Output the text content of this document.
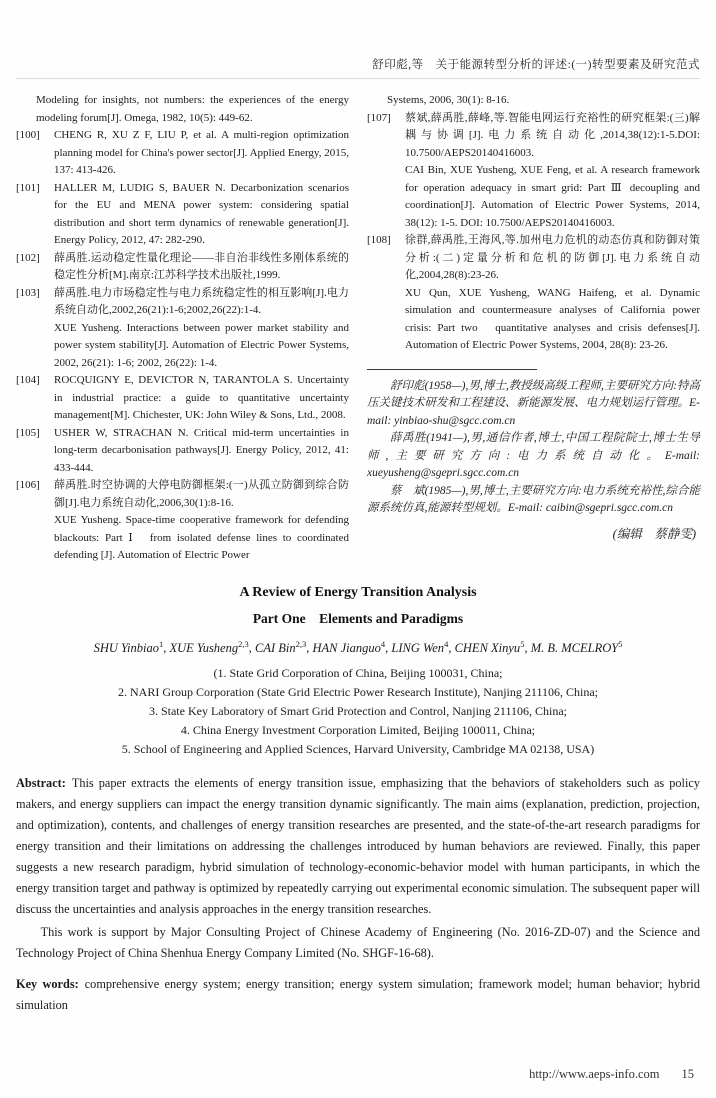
舒印彪,等　关于能源转型分析的评述:(一)转型要素及研究范式

Modeling for insights, not numbers: the experiences of the energy modeling forum[J]. Omega, 1982, 10(5): 449-62.

[100]	CHENG R, XU Z F, LIU P, et al. A multi-region optimization planning model for China's power sector[J]. Applied Energy, 2015, 137: 413-426.

[101]	HALLER M, LUDIG S, BAUER N. Decarbonization scenarios for the EU and MENA power system: considering spatial distribution and short term dynamics of renewable generation[J]. Energy Policy, 2012, 47: 282-290.

[102]	薛禹胜.运动稳定性量化理论——非自治非线性多刚体系统的稳定性分析[M].南京:江苏科学技术出版社,1999.

[103]	薛禹胜.电力市场稳定性与电力系统稳定性的相互影响[J].电力系统自动化,2002,26(21):1-6;2002,26(22):1-4.

XUE Yusheng. Interactions between power market stability and power system stability[J]. Automation of Electric Power Systems, 2002, 26(21): 1-6; 2002, 26(22): 1-4.

[104]	ROCQUIGNY E, DEVICTOR N, TARANTOLA S. Uncertainty in industrial practice: a guide to quantitative uncertainty management[M]. Chichester, UK: John Wiley & Sons, Ltd., 2008.

[105]	USHER W, STRACHAN N. Critical mid-term uncertainties in long-term decarbonisation pathways[J]. Energy Policy, 2012, 41: 433-444.

[106]	薛禹胜.时空协调的大停电防御框架:(一)从孤立防御到综合防御[J].电力系统自动化,2006,30(1):8-16.

XUE Yusheng. Space-time cooperative framework for defending blackouts: Part Ⅰ　from isolated defense lines to coordinated defending [J]. Automation of Electric Power

Systems, 2006, 30(1): 8-16.

[107]	蔡斌,薛禹胜,薛峰,等.智能电网运行充裕性的研究框架:(三)解耦与协调[J].电力系统自动化,2014,38(12):1-5.DOI: 10.7500/AEPS20140416003.

CAI Bin, XUE Yusheng, XUE Feng, et al. A research framework for operation adequacy in smart grid: Part Ⅲ decoupling and coordination[J]. Automation of Electric Power Systems, 2014, 38(12): 1-5. DOI: 10.7500/AEPS20140416003.

[108]	徐群,薛禹胜,王海风,等.加州电力危机的动态仿真和防御对策分析:(二)定量分析和危机的防御[J].电力系统自动化,2004,28(8):23-26.

XU Qun, XUE Yusheng, WANG Haifeng, et al. Dynamic simulation and countermeasure analyses of California power crisis: Part two　quantitative analyses and crisis defenses[J]. Automation of Electric Power Systems, 2004, 28(8): 23-26.

舒印彪(1958—),男,博士,教授级高级工程师,主要研究方向:特高压关键技术研发和工程建设、新能源发展、电力规划运行管理。E-mail: yinbiao-shu@sgcc.com.cn

薛禹胜(1941—),男,通信作者,博士,中国工程院院士,博士生导师,主要研究方向:电力系统自动化。E-mail: xueyusheng@sgepri.sgcc.com.cn

蔡　斌(1985—),男,博士,主要研究方向:电力系统充裕性,综合能源系统仿真,能源转型规划。E-mail: caibin@sgepri.sgcc.com.cn

(编辑　蔡静雯)
A Review of Energy Transition Analysis
Part One　Elements and Paradigms
SHU Yinbiao$^1$, XUE Yusheng$^{2,3}$, CAI Bin$^{2,3}$, HAN Jianguo$^4$, LING Wen$^4$, CHEN Xinyu$^5$, M. B. MCELROY$^5$
(1. State Grid Corporation of China, Beijing 100031, China;
2. NARI Group Corporation (State Grid Electric Power Research Institute), Nanjing 211106, China;
3. State Key Laboratory of Smart Grid Protection and Control, Nanjing 211106, China;
4. China Energy Investment Corporation Limited, Beijing 100011, China;
5. School of Engineering and Applied Sciences, Harvard University, Cambridge MA 02138, USA)

Abstract: This paper extracts the elements of energy transition issue, emphasizing that the behaviors of stakeholders such as policy makers, and energy suppliers can impact the energy transition dynamic significantly. The main aims (explanation, prediction, projection, and optimization), contents, and challenges of energy transition researches are presented, and the state-of-the-art research paradigms for energy transition and their limitations on addressing the challenges introduced by human behaviors are reviewed. Finally, this paper suggests a new research paradigm, hybrid simulation of technology-economic-behavior model with human participants, in which the energy transition target and pathway is optimized by repeatedly carrying out experimental economic simulation. The subsequent paper will discuss the uncertainties and analysis approaches in the energy transition researches.

This work is support by Major Consulting Project of Chinese Academy of Engineering (No. 2016-ZD-07) and the Science and Technology Project of China Shenhua Energy Company Limited (No. SHGF-16-68).

Key words: comprehensive energy system; energy transition; energy system simulation; framework model; human behavior; hybrid simulation
http://www.aeps-info.com 15
